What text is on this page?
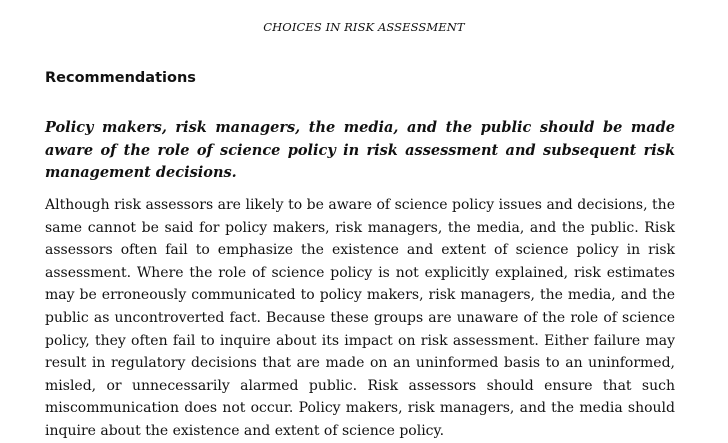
CHOICES IN RISK ASSESSMENT
Recommendations

Policy makers, risk managers, the media, and the public should be made aware of the role of science policy in risk assessment and subsequent risk management decisions.

Although risk assessors are likely to be aware of science policy issues and decisions, the same cannot be said for policy makers, risk managers, the media, and the public. Risk assessors often fail to emphasize the existence and extent of science policy in risk assessment. Where the role of science policy is not explicitly explained, risk estimates may be erroneously communicated to policy makers, risk managers, the media, and the public as uncontroverted fact. Because these groups are unaware of the role of science policy, they often fail to inquire about its impact on risk assessment. Either failure may result in regulatory decisions that are made on an uninformed basis to an uninformed, misled, or unnecessarily alarmed public. Risk assessors should ensure that such miscommunication does not occur. Policy makers, risk managers, and the media should inquire about the existence and extent of science policy.
